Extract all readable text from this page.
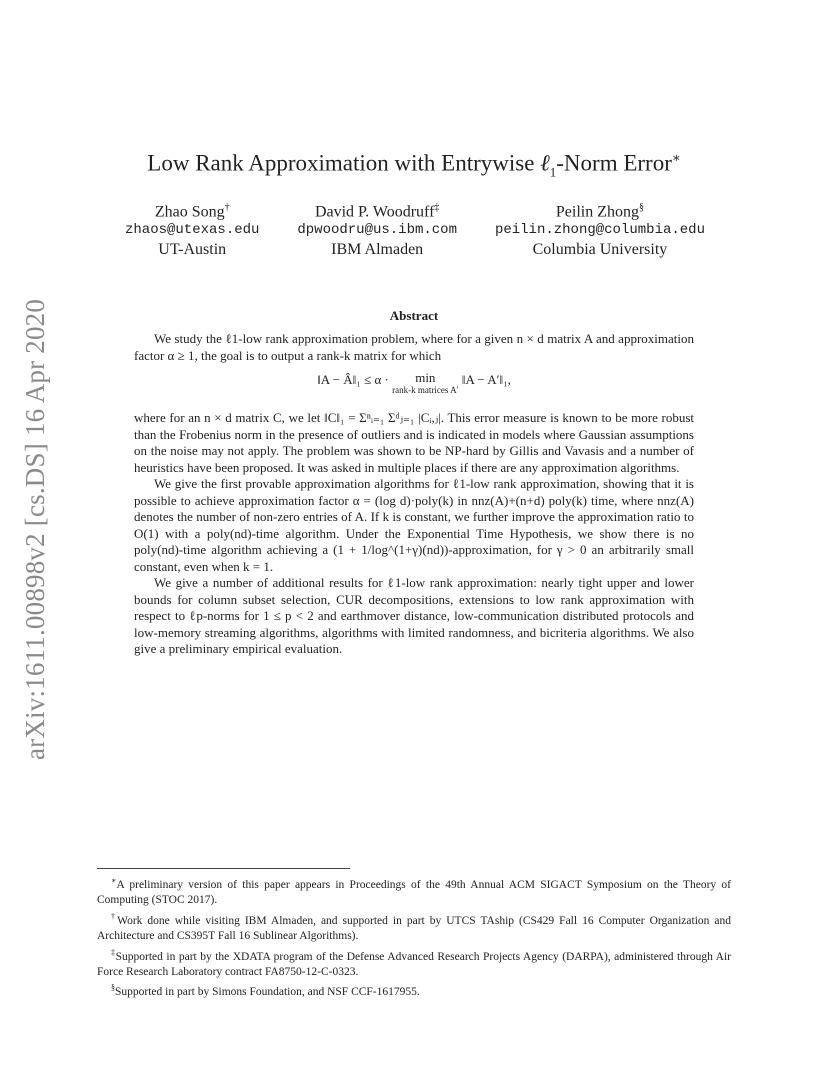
arXiv:1611.00898v2 [cs.DS] 16 Apr 2020
Low Rank Approximation with Entrywise ℓ$_1$-Norm Error∗
Zhao Song†
zhaos@utexas.edu
UT-Austin
David P. Woodruff‡
dpwoodru@us.ibm.com
IBM Almaden
Peilin Zhong§
peilin.zhong@columbia.edu
Columbia University
Abstract

We study the ℓ1-low rank approximation problem, where for a given n × d matrix A and approximation factor α ≥ 1, the goal is to output a rank-k matrix for which

‖A − Â‖₁ ≤ α · min
rank-k matrices A′
‖A − A′‖₁,

where for an n × d matrix C, we let ‖C‖₁ = Σⁿᵢ₌₁ Σᵈⱼ₌₁ |Cᵢ,ⱼ|. This error measure is known to be more robust than the Frobenius norm in the presence of outliers and is indicated in models where Gaussian assumptions on the noise may not apply. The problem was shown to be NP-hard by Gillis and Vavasis and a number of heuristics have been proposed. It was asked in multiple places if there are any approximation algorithms.

We give the first provable approximation algorithms for ℓ1-low rank approximation, showing that it is possible to achieve approximation factor α = (log d)·poly(k) in nnz(A)+(n+d) poly(k) time, where nnz(A) denotes the number of non-zero entries of A. If k is constant, we further improve the approximation ratio to O(1) with a poly(nd)-time algorithm. Under the Exponential Time Hypothesis, we show there is no poly(nd)-time algorithm achieving a (1 + 1/log^(1+γ)(nd))-approximation, for γ > 0 an arbitrarily small constant, even when k = 1.

We give a number of additional results for ℓ1-low rank approximation: nearly tight upper and lower bounds for column subset selection, CUR decompositions, extensions to low rank approximation with respect to ℓp-norms for 1 ≤ p < 2 and earthmover distance, low-communication distributed protocols and low-memory streaming algorithms, algorithms with limited randomness, and bicriteria algorithms. We also give a preliminary empirical evaluation.

∗A preliminary version of this paper appears in Proceedings of the 49th Annual ACM SIGACT Symposium on the Theory of Computing (STOC 2017).

†Work done while visiting IBM Almaden, and supported in part by UTCS TAship (CS429 Fall 16 Computer Organization and Architecture and CS395T Fall 16 Sublinear Algorithms).

‡Supported in part by the XDATA program of the Defense Advanced Research Projects Agency (DARPA), administered through Air Force Research Laboratory contract FA8750-12-C-0323.

§Supported in part by Simons Foundation, and NSF CCF-1617955.
